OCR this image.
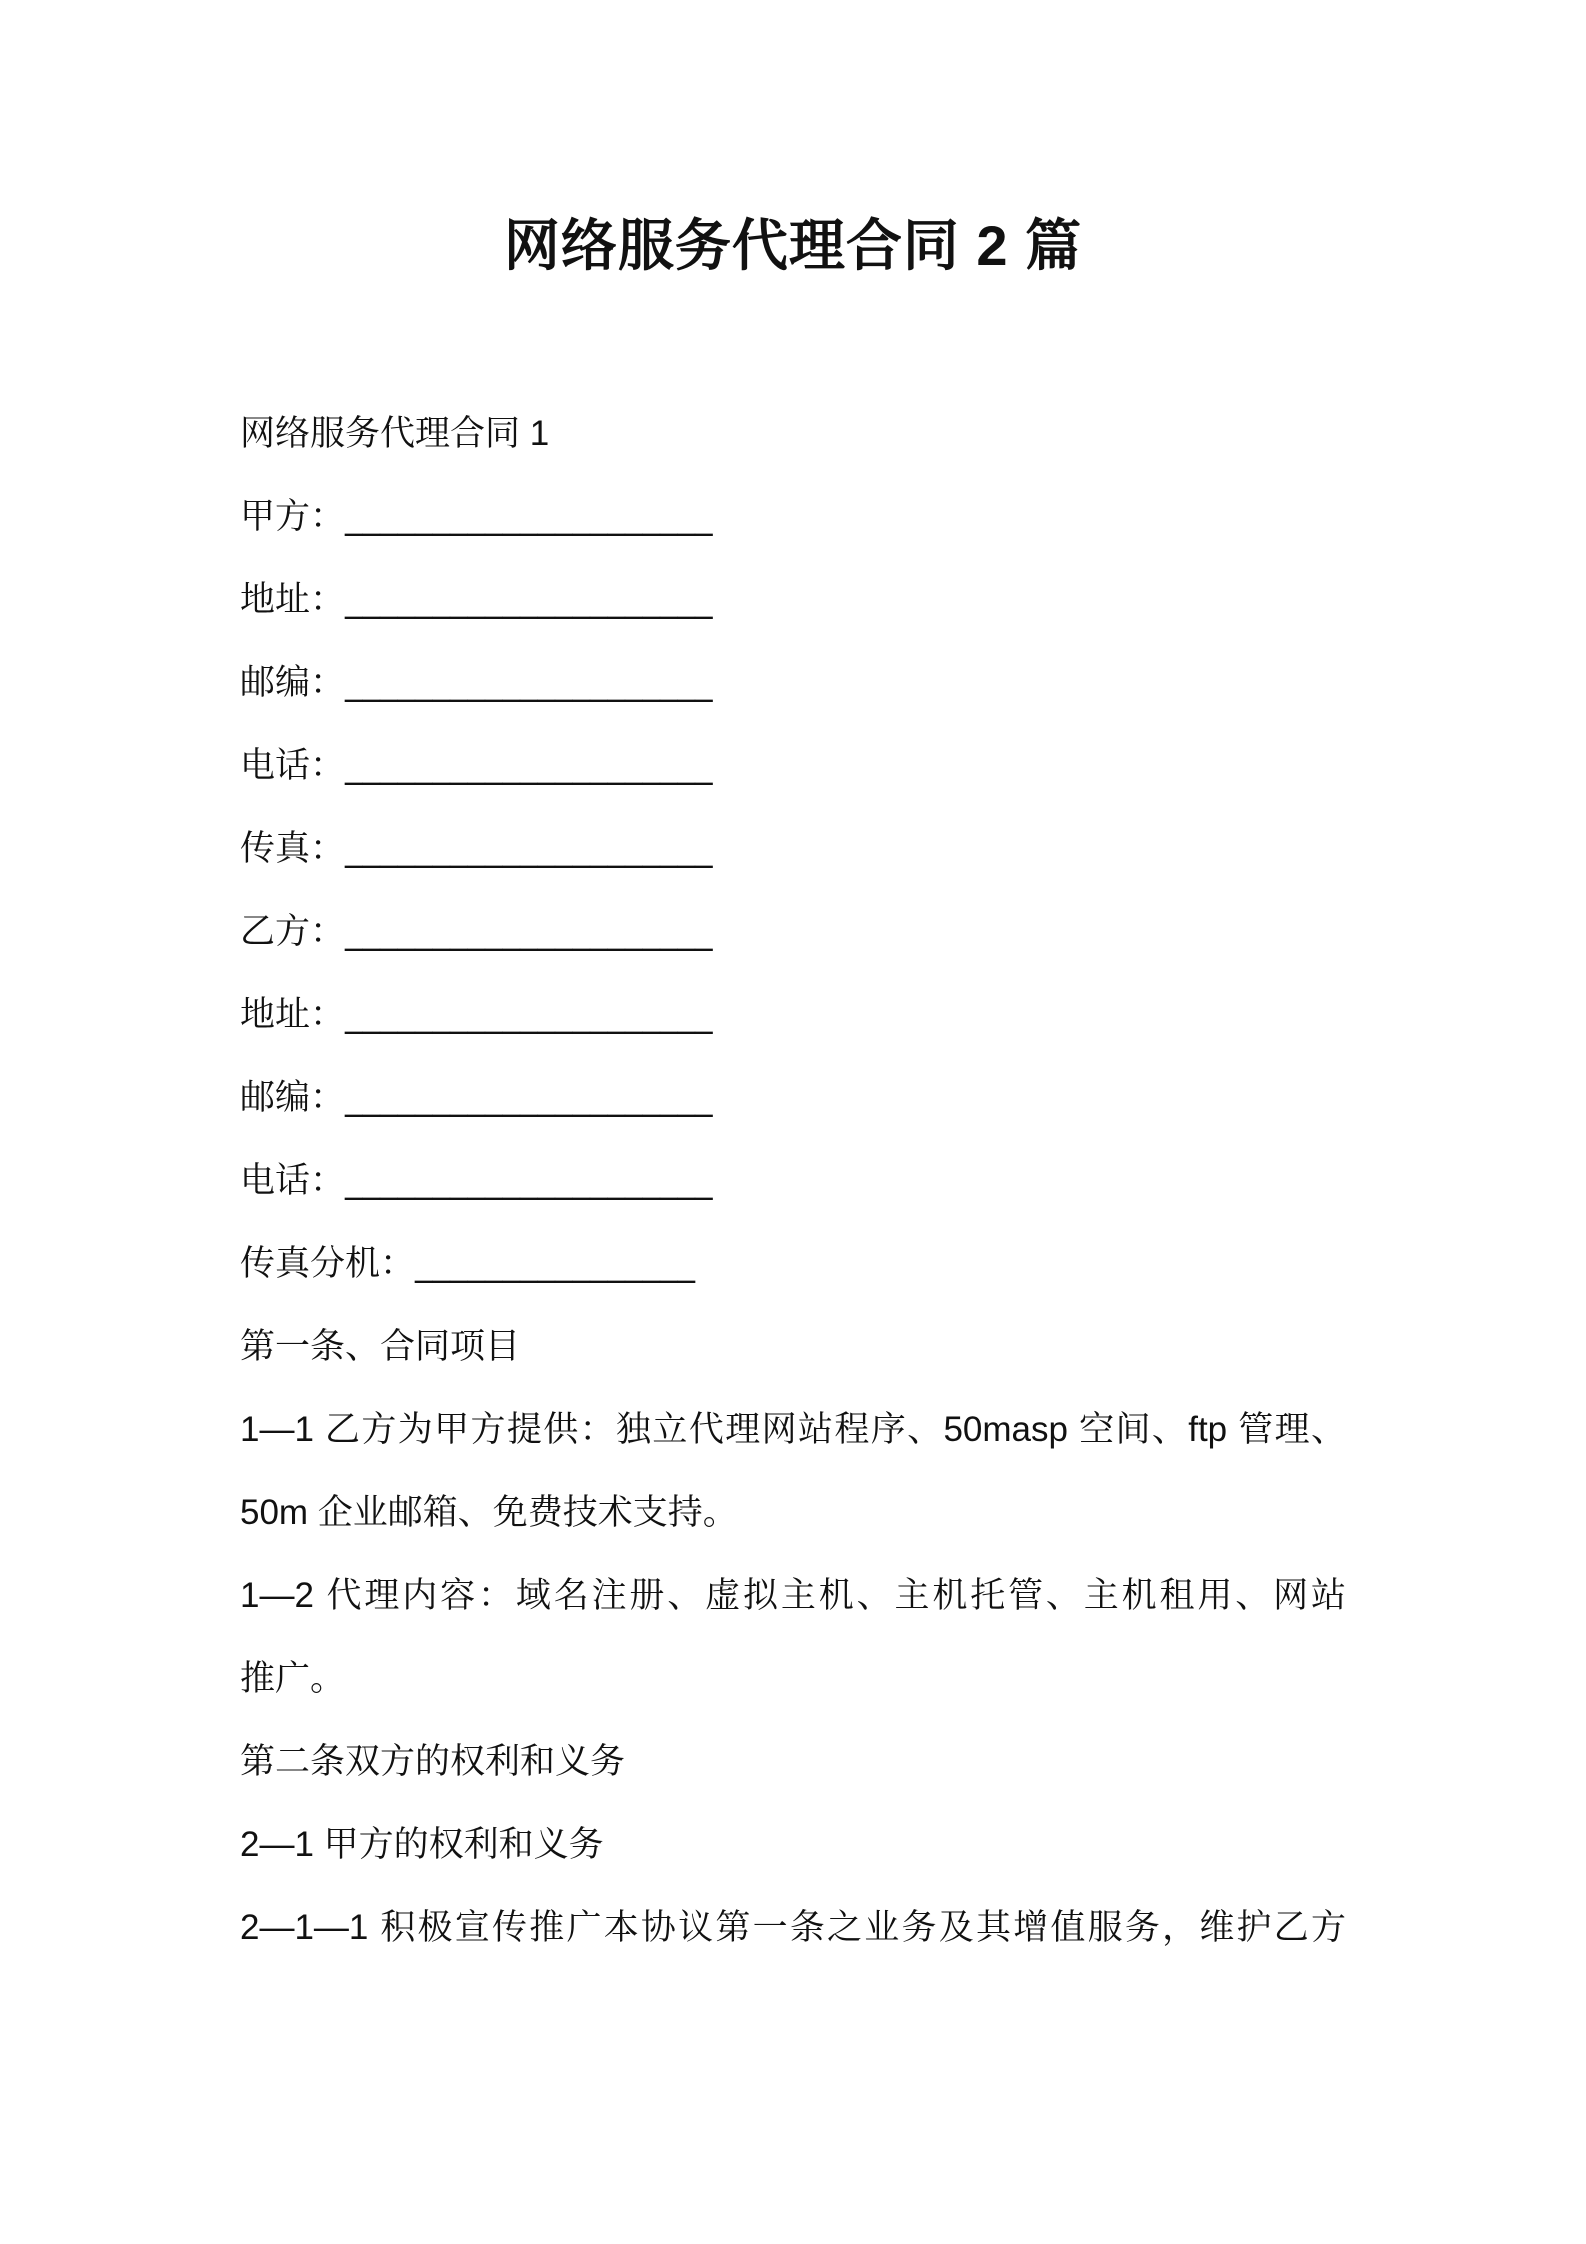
网络服务代理合同 2 篇
网络服务代理合同 1
甲方：_____________________
地址：_____________________
邮编：_____________________
电话：_____________________
传真：_____________________
乙方：_____________________
地址：_____________________
邮编：_____________________
电话：_____________________
传真分机：________________
第一条、合同项目
1—1 乙方为甲方提供：独立代理网站程序、50masp 空间、ftp 管理、
50m 企业邮箱、免费技术支持。
1—2 代理内容：域名注册、虚拟主机、主机托管、主机租用、网站
推广。
第二条双方的权利和义务
2—1 甲方的权利和义务
2—1—1 积极宣传推广本协议第一条之业务及其增值服务，维护乙方
